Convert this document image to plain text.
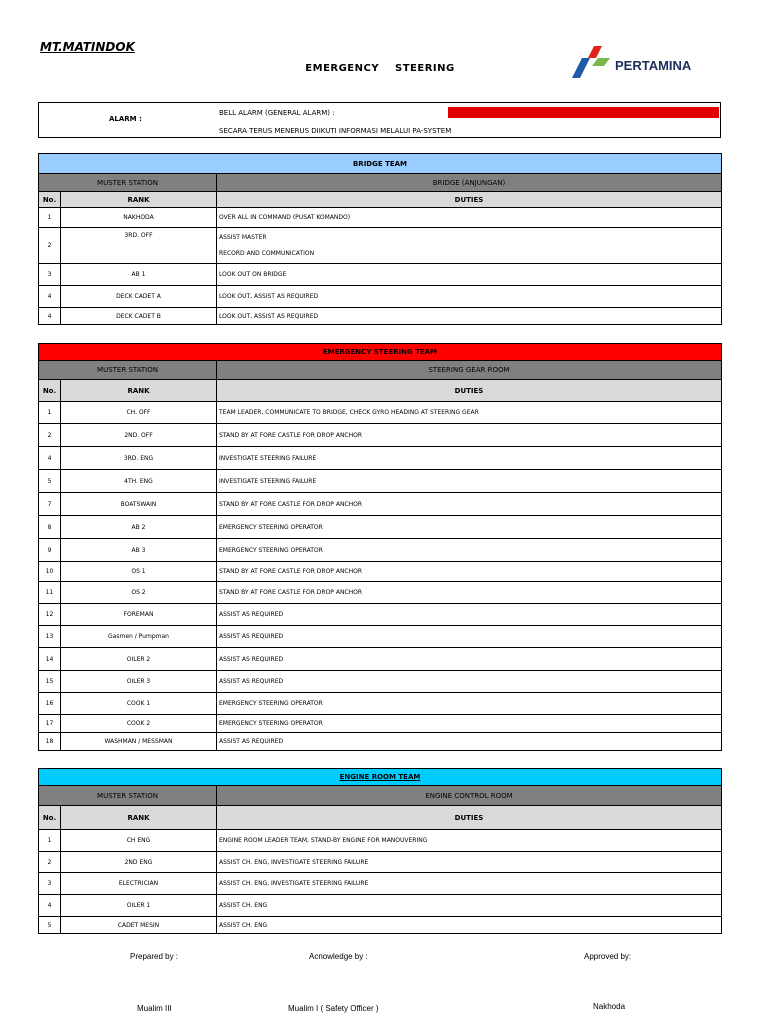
MT.MATINDOK
EMERGENCY    STEERING	PERTAMINA
ALARM :
BELL ALARM (GENERAL ALARM) :
SECARA TERUS MENERUS DIIKUTI INFORMASI MELALUI PA-SYSTEM
BRIDGE TEAM		
MUSTER STATION		BRIDGE (ANJUNGAN)
No.	RANK	DUTIES
1	NAKHODA	OVER ALL IN COMMAND (PUSAT KOMANDO)
2	3RD. OFF	ASSIST MASTER
RECORD AND COMMUNICATION

3	AB 1	LOOK OUT ON BRIDGE
4	DECK CADET A	LOOK OUT, ASSIST AS REQUIRED
4	DECK CADET B	LOOK OUT, ASSIST AS REQUIRED
EMERGENCY STEERING TEAM		
MUSTER STATION		STEERING GEAR ROOM
No.	RANK	DUTIES
1	CH. OFF	TEAM LEADER, COMMUNICATE TO BRIDGE, CHECK GYRO HEADING AT STEERING GEAR
2	2ND. OFF	STAND BY AT FORE CASTLE FOR DROP ANCHOR
4	3RD. ENG	INVESTIGATE STEERING FAILURE
5	4TH. ENG	INVESTIGATE STEERING FAILURE
7	BOATSWAIN	STAND BY AT FORE CASTLE FOR DROP ANCHOR
8	AB 2	EMERGENCY STEERING OPERATOR
9	AB 3	EMERGENCY STEERING OPERATOR
10	OS 1	STAND BY AT FORE CASTLE FOR DROP ANCHOR
11	OS 2	STAND BY AT FORE CASTLE FOR DROP ANCHOR
12	FOREMAN	ASSIST AS REQUIRED
13	Gasmen / Pumpman	ASSIST AS REQUIRED
14	OILER 2	ASSIST AS REQUIRED
15	OILER 3	ASSIST AS REQUIRED
16	COOK 1	EMERGENCY STEERING OPERATOR
17	COOK 2	EMERGENCY STEERING OPERATOR
18	WASHMAN / MESSMAN	ASSIST AS REQUIRED
ENGINE ROOM TEAM		
MUSTER STATION		ENGINE CONTROL ROOM
No.	RANK	DUTIES
1	CH ENG	ENGINE ROOM LEADER TEAM, STAND-BY ENGINE FOR MANOUVERING
2	2ND ENG	ASSIST CH. ENG, INVESTIGATE STEERING FAILURE
3	ELECTRICIAN	ASSIST CH. ENG, INVESTIGATE STEERING FAILURE
4	OILER 1	ASSIST CH. ENG
5	CADET MESIN	ASSIST CH. ENG
Prepared by :	Acnowledge by :	Approved by:
Mualim III	Mualim I ( Safety Officer )	Nakhoda
